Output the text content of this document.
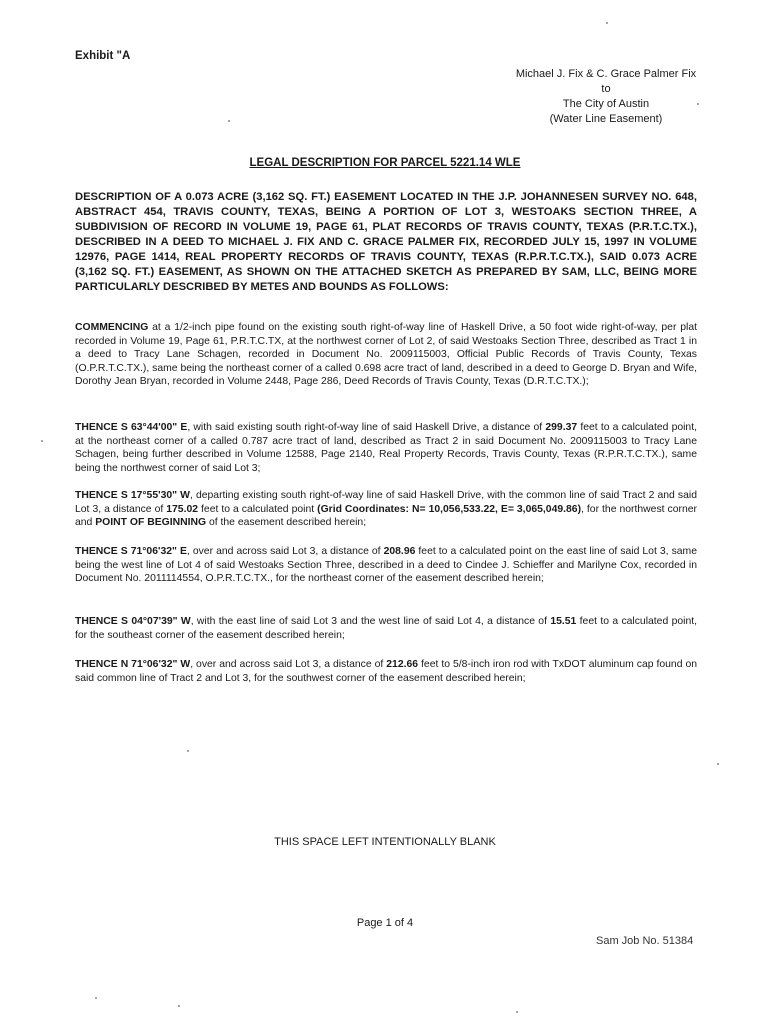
Exhibit "A
Michael J. Fix & C. Grace Palmer Fix
to
The City of Austin
(Water Line Easement)
LEGAL DESCRIPTION FOR PARCEL 5221.14 WLE
DESCRIPTION OF A 0.073 ACRE (3,162 SQ. FT.) EASEMENT LOCATED IN THE J.P. JOHANNESEN SURVEY NO. 648, ABSTRACT 454, TRAVIS COUNTY, TEXAS, BEING A PORTION OF LOT 3, WESTOAKS SECTION THREE, A SUBDIVISION OF RECORD IN VOLUME 19, PAGE 61, PLAT RECORDS OF TRAVIS COUNTY, TEXAS (P.R.T.C.TX.), DESCRIBED IN A DEED TO MICHAEL J. FIX AND C. GRACE PALMER FIX, RECORDED JULY 15, 1997 IN VOLUME 12976, PAGE 1414, REAL PROPERTY RECORDS OF TRAVIS COUNTY, TEXAS (R.P.R.T.C.TX.), SAID 0.073 ACRE (3,162 SQ. FT.) EASEMENT, AS SHOWN ON THE ATTACHED SKETCH AS PREPARED BY SAM, LLC, BEING MORE PARTICULARLY DESCRIBED BY METES AND BOUNDS AS FOLLOWS:
COMMENCING at a 1/2-inch pipe found on the existing south right-of-way line of Haskell Drive, a 50 foot wide right-of-way, per plat recorded in Volume 19, Page 61, P.R.T.C.TX, at the northwest corner of Lot 2, of said Westoaks Section Three, described as Tract 1 in a deed to Tracy Lane Schagen, recorded in Document No. 2009115003, Official Public Records of Travis County, Texas (O.P.R.T.C.TX.), same being the northeast corner of a called 0.698 acre tract of land, described in a deed to George D. Bryan and Wife, Dorothy Jean Bryan, recorded in Volume 2448, Page 286, Deed Records of Travis County, Texas (D.R.T.C.TX.);
THENCE S 63°44'00" E, with said existing south right-of-way line of said Haskell Drive, a distance of 299.37 feet to a calculated point, at the northeast corner of a called 0.787 acre tract of land, described as Tract 2 in said Document No. 2009115003 to Tracy Lane Schagen, being further described in Volume 12588, Page 2140, Real Property Records, Travis County, Texas (R.P.R.T.C.TX.), same being the northwest corner of said Lot 3;
THENCE S 17°55'30" W, departing existing south right-of-way line of said Haskell Drive, with the common line of said Tract 2 and said Lot 3, a distance of 175.02 feet to a calculated point (Grid Coordinates: N= 10,056,533.22, E= 3,065,049.86), for the northwest corner and POINT OF BEGINNING of the easement described herein;
THENCE S 71°06'32" E, over and across said Lot 3, a distance of 208.96 feet to a calculated point on the east line of said Lot 3, same being the west line of Lot 4 of said Westoaks Section Three, described in a deed to Cindee J. Schieffer and Marilyne Cox, recorded in Document No. 2011114554, O.P.R.T.C.TX., for the northeast corner of the easement described herein;
THENCE S 04°07'39" W, with the east line of said Lot 3 and the west line of said Lot 4, a distance of 15.51 feet to a calculated point, for the southeast corner of the easement described herein;
THENCE N 71°06'32" W, over and across said Lot 3, a distance of 212.66 feet to 5/8-inch iron rod with TxDOT aluminum cap found on said common line of Tract 2 and Lot 3, for the southwest corner of the easement described herein;
THIS SPACE LEFT INTENTIONALLY BLANK
Page 1 of 4
Sam Job No. 51384
